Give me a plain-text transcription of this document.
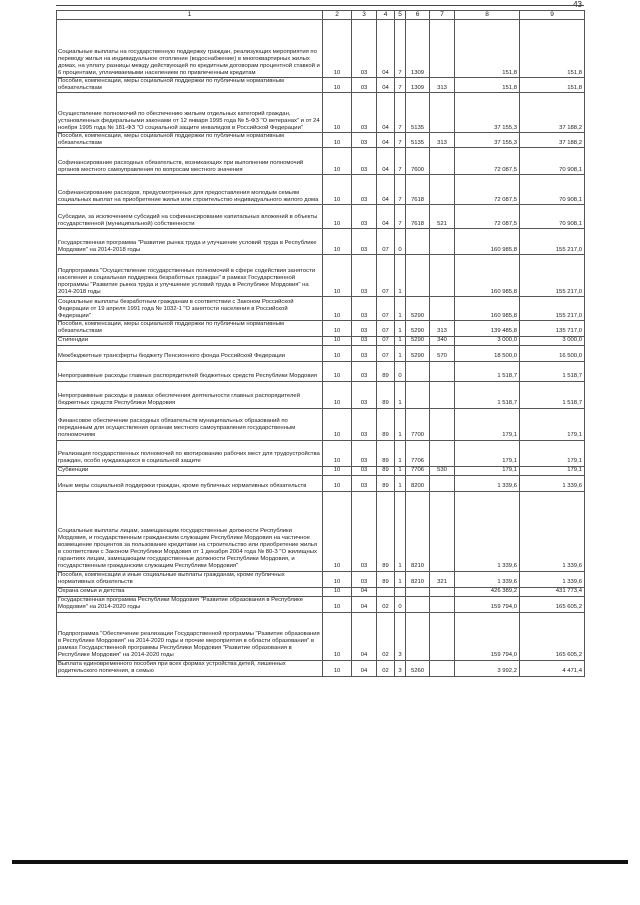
43
1	2	3	4	5	6	7	8	9
Социальные выплаты на государственную поддержку граждан, реализующих мероприятия по переводу жилья на индивидуальное отопление (водоснабжение) в многоквартирных жилых домах, на уплату разницы между действующей по кредитным договорам процентной ставкой и 6 процентами, уплачиваемыми населением по привлеченным кредитам	10	03	04	7	1309		151,8	151,8
Пособия, компенсации, меры социальной поддержки по публичным нормативным обязательствам	10	03	04	7	1309	313	151,8	151,8
Осуществление полномочий по обеспечению жильем отдельных категорий граждан, установленных федеральными законами от 12 января 1995 года № 5-ФЗ "О ветеранах" и от 24 ноября 1995 года № 181-ФЗ "О социальной защите инвалидов в Российской Федерации"	10	03	04	7	5135		37 155,3	37 188,2
Пособия, компенсации, меры социальной поддержки по публичным нормативным обязательствам	10	03	04	7	5135	313	37 155,3	37 188,2
Софинансирование расходных обязательств, возникающих при выполнении полномочий органов местного самоуправления по вопросам местного значения	10	03	04	7	7600		72 087,5	70 908,1
Софинансирование расходов, предусмотренных для предоставления молодым семьям социальных выплат на приобретение жилья или строительство индивидуального жилого дома	10	03	04	7	7618		72 087,5	70 908,1
Субсидии, за исключением субсидий на софинансирование капитальных вложений в объекты государственной (муниципальной) собственности	10	03	04	7	7618	521	72 087,5	70 908,1
Государственная программа "Развитие рынка труда и улучшение условий труда в Республике Мордовия" на 2014-2018 годы	10	03	07	0			160 985,8	155 217,0
Подпрограмма "Осуществление государственных полномочий в сфере содействия занятости населения и социальная поддержка безработных граждан" в рамках Государственной программы "Развитие рынка труда и улучшение условий труда в Республике Мордовия" на 2014-2018 годы	10	03	07	1			160 985,8	155 217,0
Социальные выплаты безработным гражданам в соответствии с Законом Российской Федерации от 19 апреля 1991 года № 1032-1 "О занятости населения в Российской Федерации"	10	03	07	1	5290		160 985,8	155 217,0
Пособия, компенсации, меры социальной поддержки по публичным нормативным обязательствам	10	03	07	1	5290	313	139 485,8	135 717,0
Стипендии	10	03	07	1	5290	340	3 000,0	3 000,0
Межбюджетные трансферты бюджету Пенсионного фонда Российской Федерации	10	03	07	1	5290	570	18 500,0	16 500,0
Непрограммные расходы главных распорядителей бюджетных средств Республики Мордовия	10	03	89	0			1 518,7	1 518,7
Непрограммные расходы в рамках обеспечения деятельности главных распорядителей бюджетных средств Республики Мордовия	10	03	89	1			1 518,7	1 518,7
Финансовое обеспечение расходных обязательств муниципальных образований по переданным для осуществления органам местного самоуправления государственным полномочиям	10	03	89	1	7700		179,1	179,1
Реализация государственных полномочий по квотированию рабочих мест для трудоустройства граждан, особо нуждающихся в социальной защите	10	03	89	1	7706		179,1	179,1
Субвенции	10	03	89	1	7706	530	179,1	179,1
Иные меры социальной поддержки граждан, кроме публичных нормативных обязательств	10	03	89	1	8200		1 339,6	1 339,6
Социальные выплаты лицам, замещающим государственные должности Республики Мордовия, и государственным гражданским служащим Республики Мордовия на частичное возмещение процентов за пользование кредитами на строительство или приобретение жилья в соответствии с Законом Республики Мордовия от 1 декабря 2004 года № 80-З "О жилищных гарантиях лицам, замещающим государственные должности Республики Мордовия, и государственным гражданским служащим Республики Мордовия"	10	03	89	1	8210		1 339,6	1 339,6
Пособия, компенсации и иные социальные выплаты гражданам, кроме публичных нормативных обязательств	10	03	89	1	8210	321	1 339,6	1 339,6
Охрана семьи и детства	10	04					426 389,2	431 773,4
Государственная программа Республики Мордовия "Развитие образования в Республике Мордовия" на 2014-2020 годы	10	04	02	0			159 794,0	165 605,2
Подпрограмма "Обеспечение реализации Государственной программы "Развитие образования в Республике Мордовия" на 2014-2020 годы и прочие мероприятия в области образования" в рамках Государственной программы Республики Мордовия "Развитие образования в Республике Мордовия" на 2014-2020 годы	10	04	02	3			159 794,0	165 605,2
Выплата единовременного пособия при всех формах устройства детей, лишенных родительского попечения, в семью	10	04	02	3	5260		3 992,2	4 471,4
